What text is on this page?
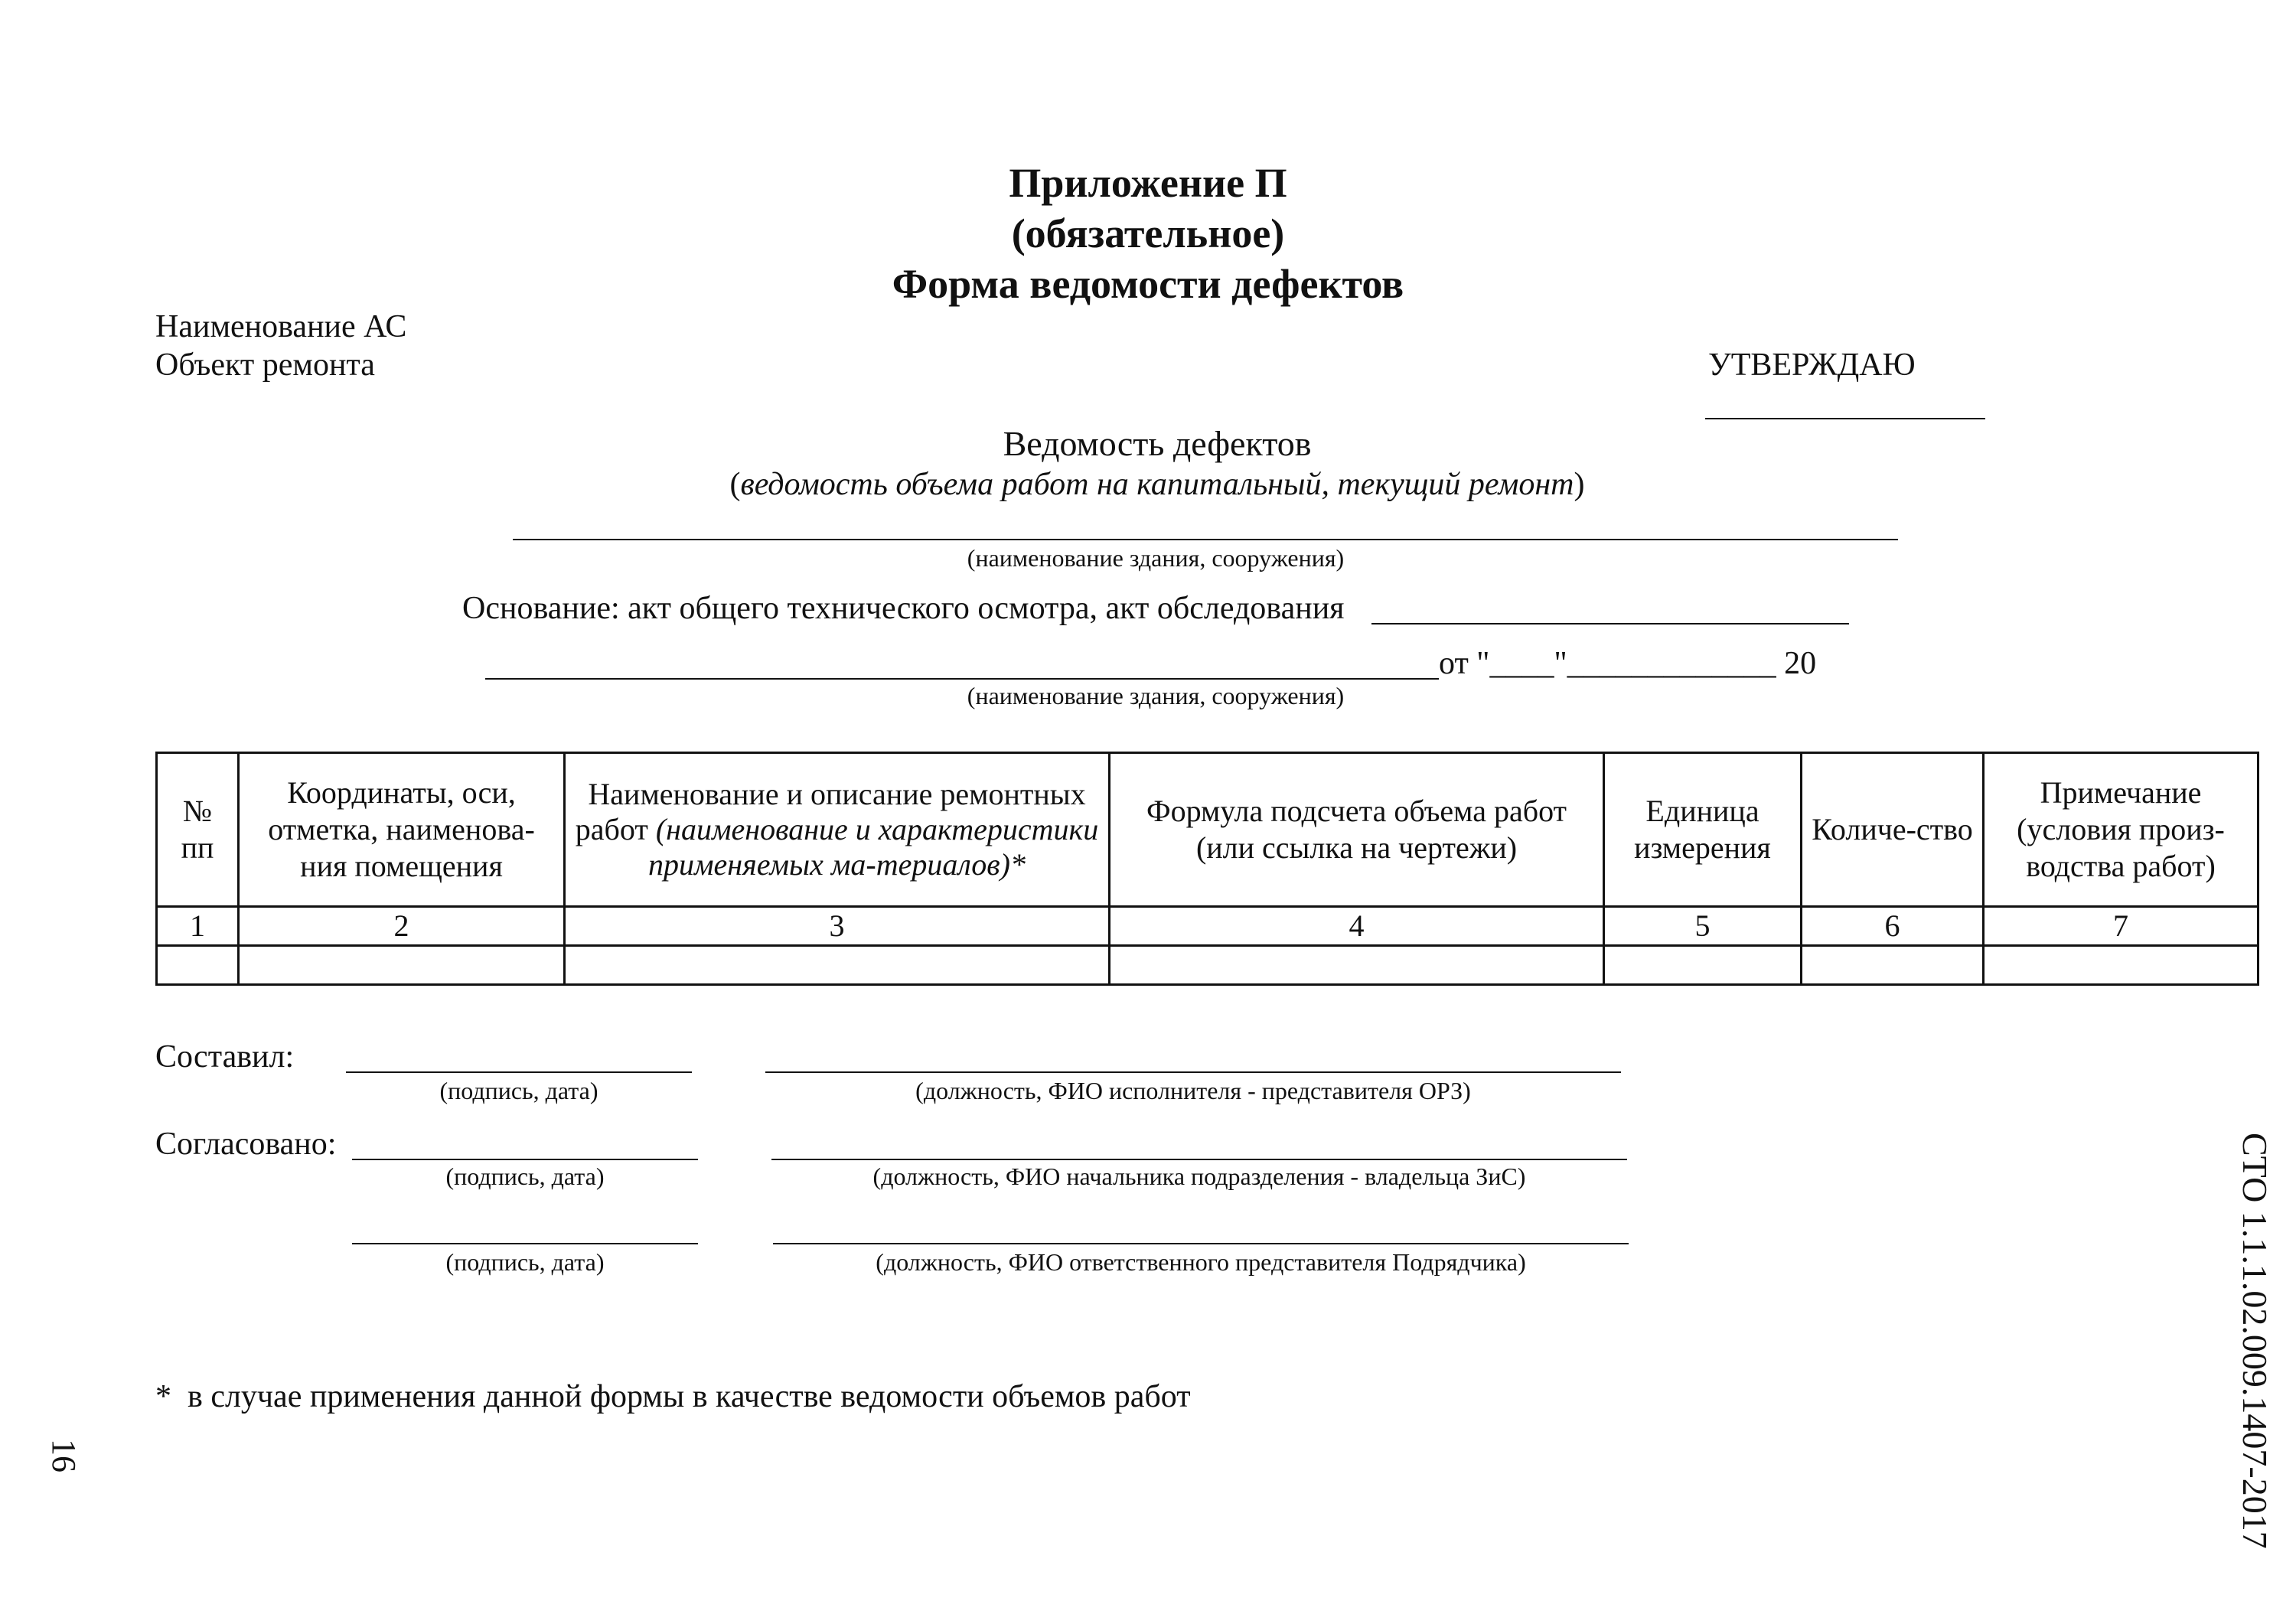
Приложение П
(обязательное)
Форма ведомости дефектов
Наименование АС
Объект ремонта	УТВЕРЖДАЮ
Ведомость дефектов
(ведомость объема работ на капитальный, текущий ремонт)
(наименование здания, сооружения)
Основание: акт общего технического осмотра, акт обследования
от "____"_____________ 20
(наименование здания, сооружения)
№ пп	Координаты, оси, отметка, наименова-ния помещения	Наименование и описание ремонтных работ (наименование и характеристики применяемых ма-териалов)*	Формула подсчета объема работ (или ссылка на чертежи)	Единица измерения	Количе-ство	Примечание (условия произ-водства работ)
1	2	3	4	5	6	7

Составил:
(подпись, дата)	(должность, ФИО исполнителя - представителя ОРЗ)
Согласовано:
(подпись, дата)	(должность, ФИО начальника подразделения - владельца ЗиС)
(подпись, дата)	(должность, ФИО ответственного представителя Подрядчика)
*  в случае применения данной формы в качестве ведомости объемов работ	СТО 1.1.1.02.009.1407-2017
16
